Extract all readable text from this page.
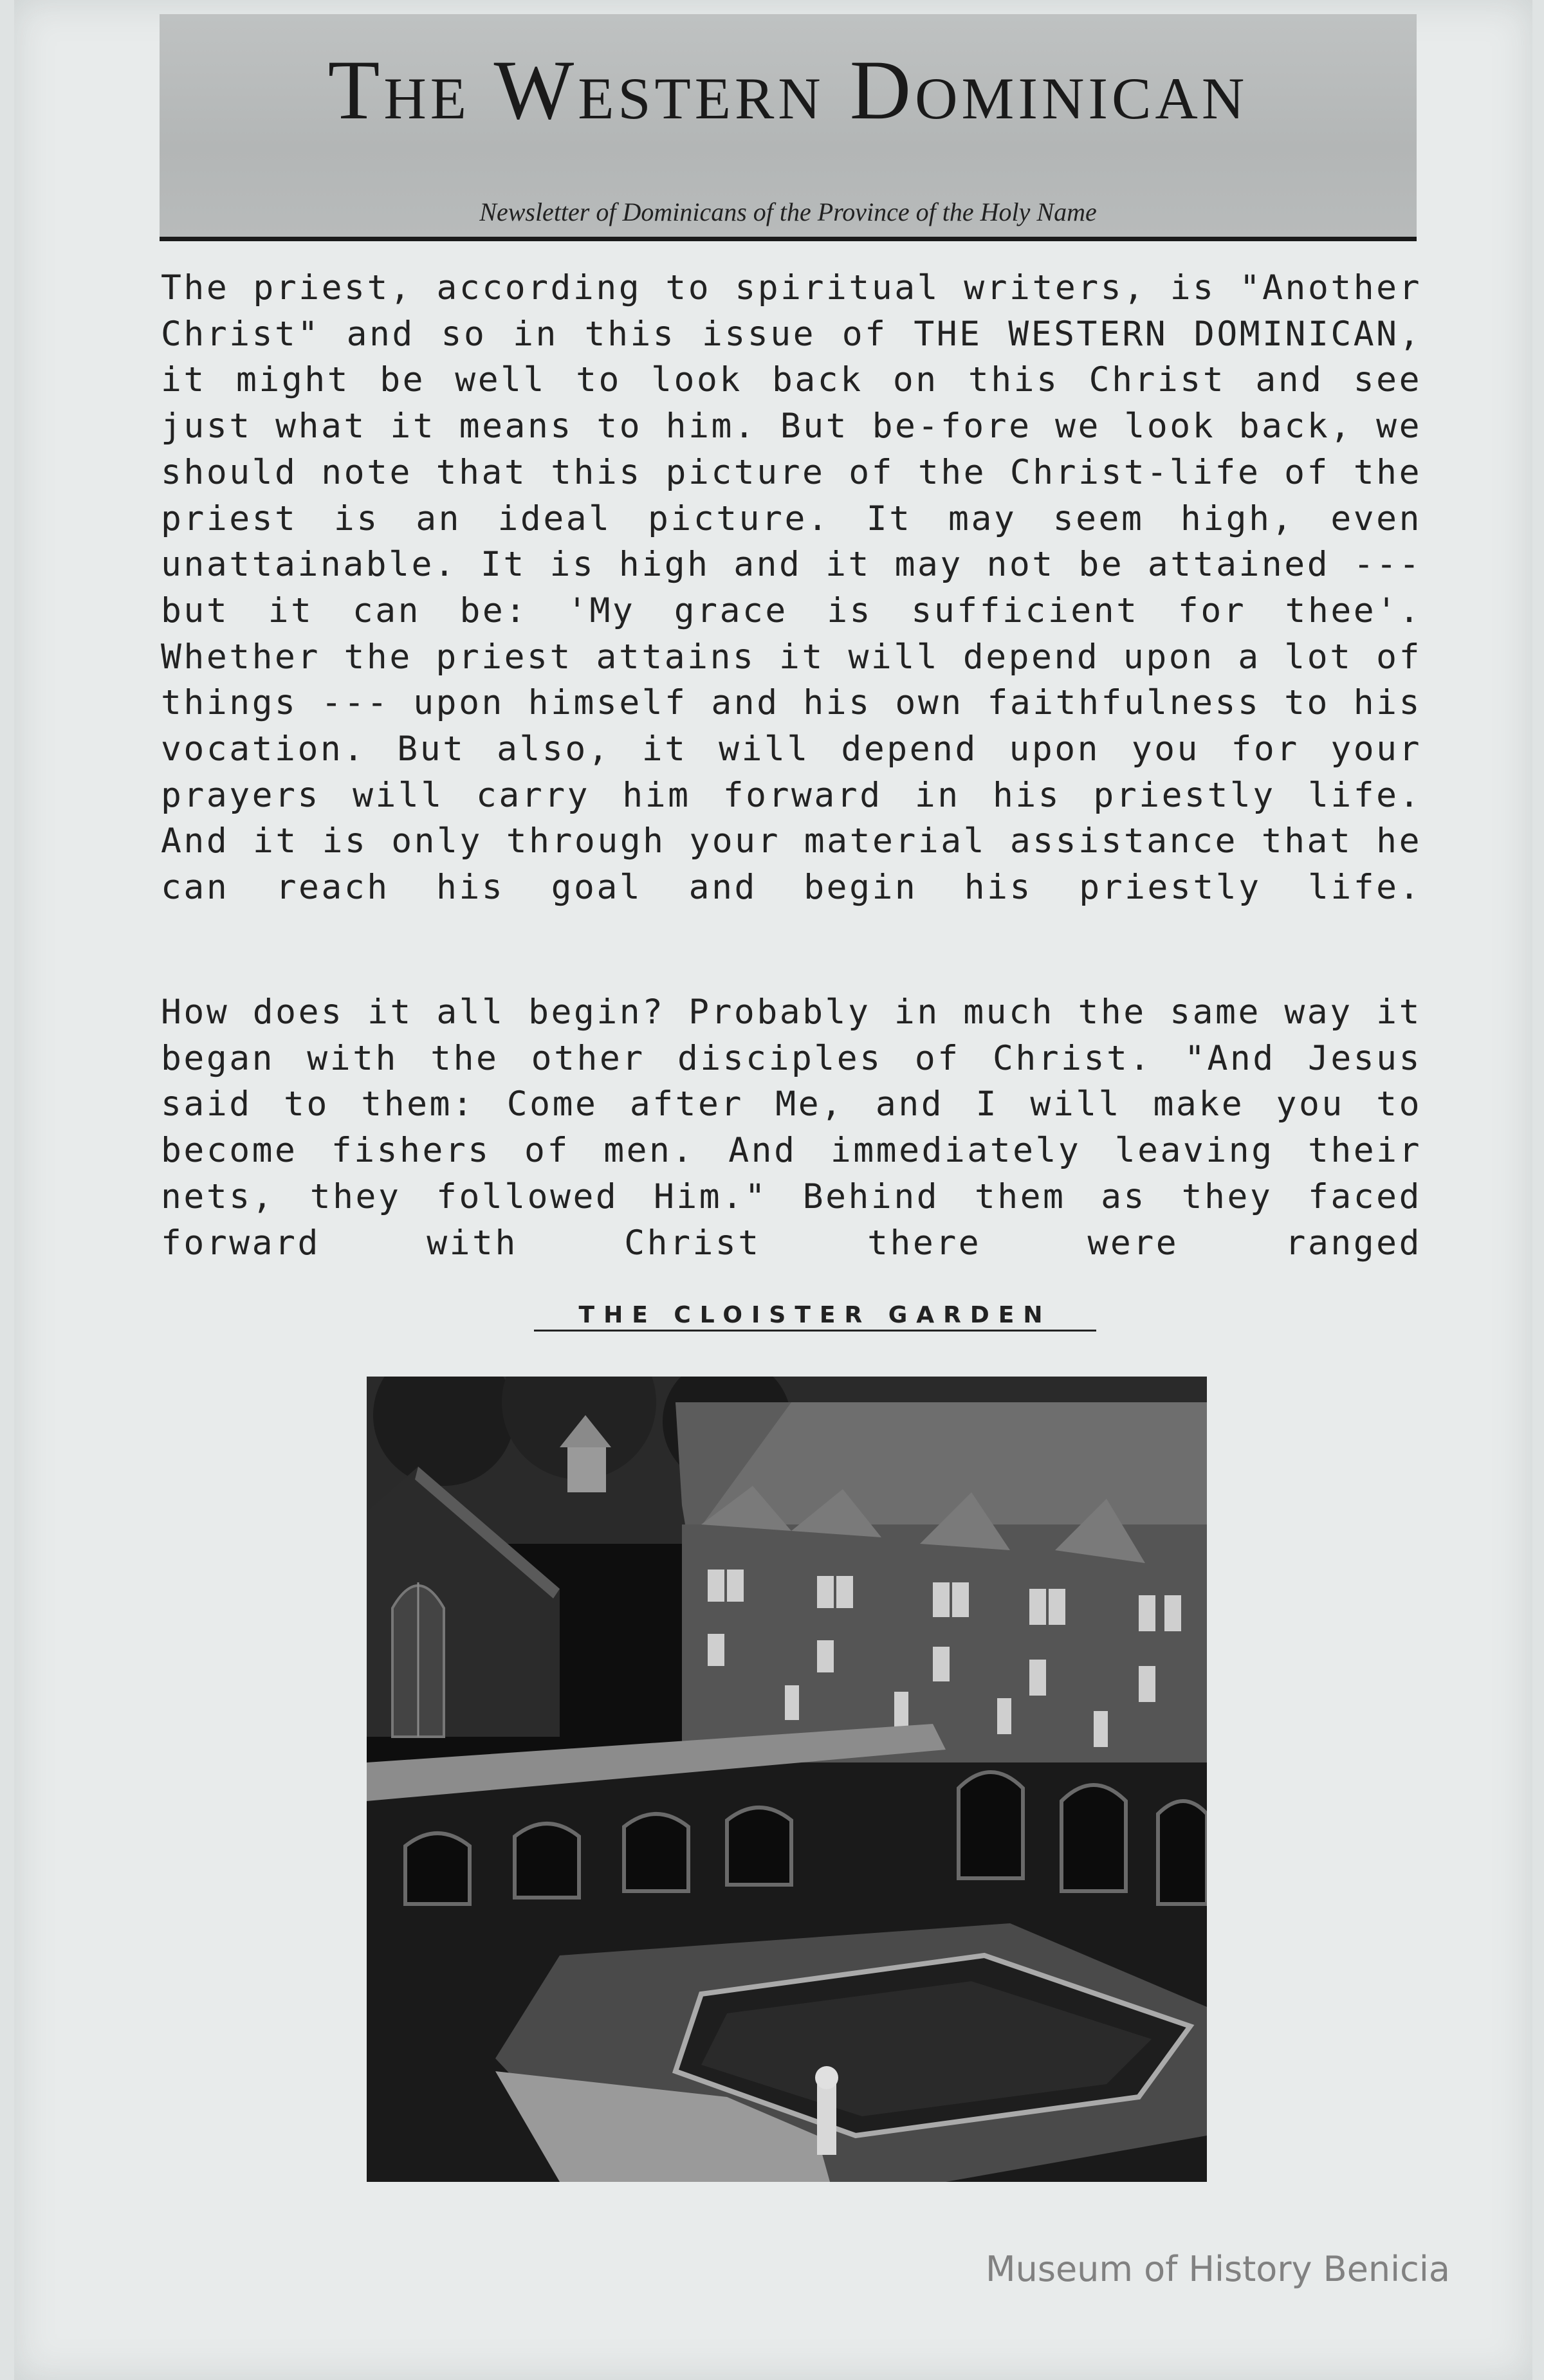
The Western Dominican
Newsletter of Dominicans of the Province of the Holy Name
The priest, according to spiritual writers, is "Another Christ" and so in this issue of THE WESTERN DOMINICAN, it might be well to look back on this Christ and see just what it means to him. But be-fore we look back, we should note that this picture of the Christ-life of the priest is an ideal picture. It may seem high, even unattainable. It is high and it may not be attained --- but it can be: 'My grace is sufficient for thee'. Whether the priest attains it will depend upon a lot of things --- upon himself and his own faithfulness to his vocation. But also, it will depend upon you for your prayers will carry him forward in his priestly life. And it is only through your material assistance that he can reach his goal and begin his priestly life.
How does it all begin? Probably in much the same way it began with the other disciples of Christ. "And Jesus said to them: Come after Me, and I will make you to become fishers of men. And immediately leaving their nets, they followed Him." Behind them as they faced forward with Christ there were ranged
THE CLOISTER GARDEN
Museum of History Benicia
